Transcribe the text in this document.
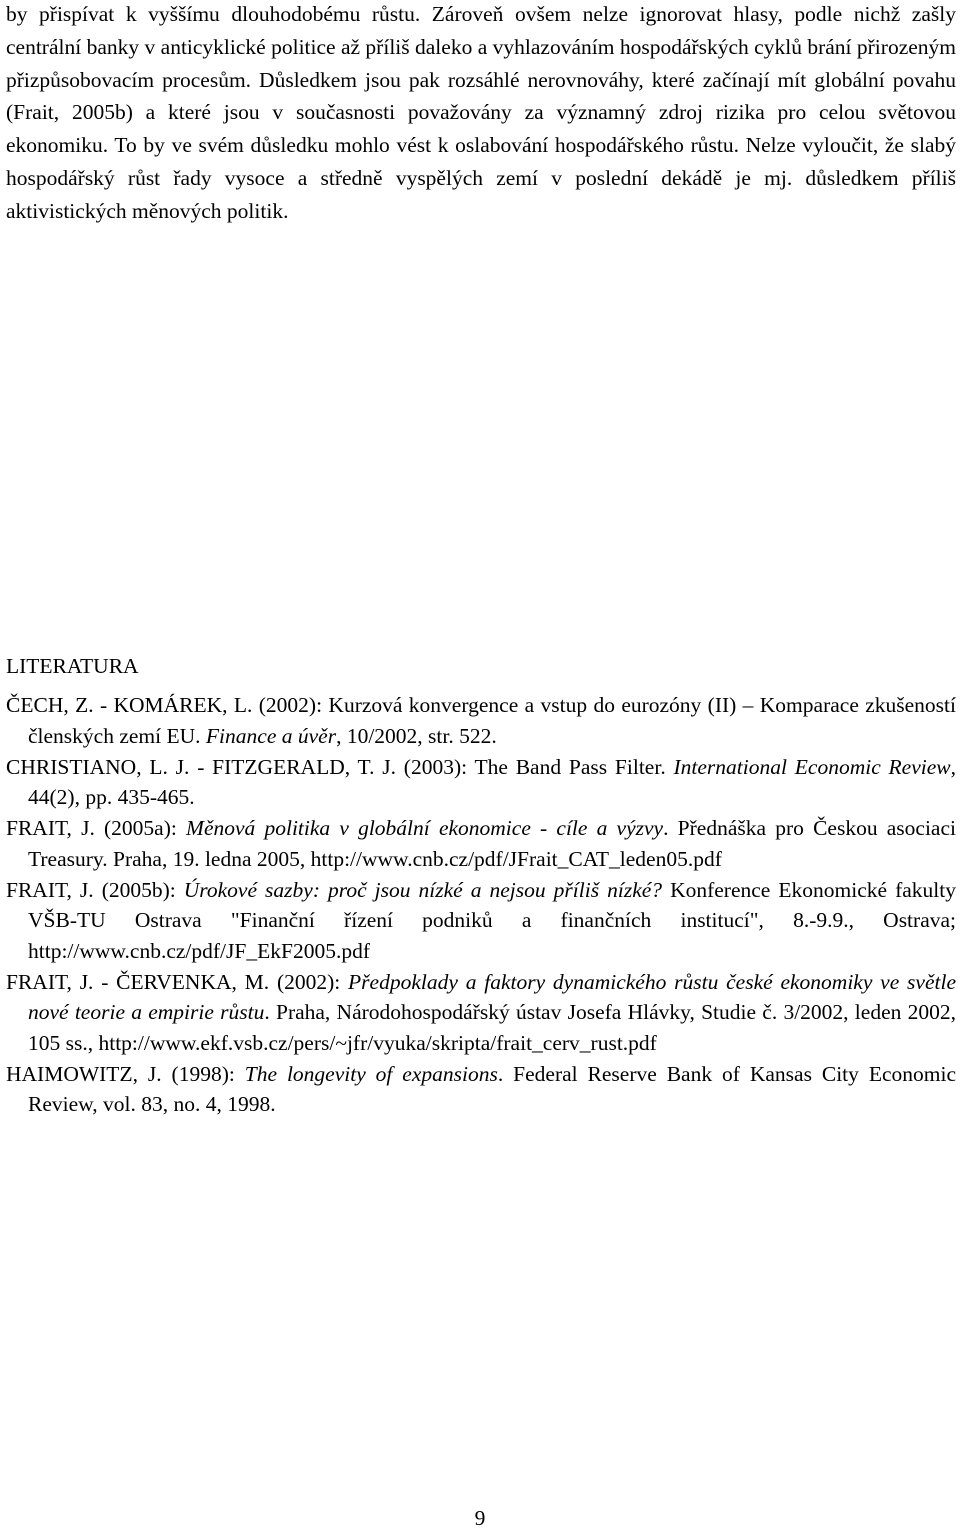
by přispívat k vyššímu dlouhodobému růstu. Zároveň ovšem nelze ignorovat hlasy, podle nichž zašly centrální banky v anticyklické politice až příliš daleko a vyhlazováním hospodářských cyklů brání přirozeným přizpůsobovacím procesům. Důsledkem jsou pak rozsáhlé nerovnováhy, které začínají mít globální povahu (Frait, 2005b) a které jsou v současnosti považovány za významný zdroj rizika pro celou světovou ekonomiku. To by ve svém důsledku mohlo vést k oslabování hospodářského růstu. Nelze vyloučit, že slabý hospodářský růst řady vysoce a středně vyspělých zemí v poslední dekádě je mj. důsledkem příliš aktivistických měnových politik.

LITERATURA
ČECH, Z. - KOMÁREK, L. (2002): Kurzová konvergence a vstup do eurozóny (II) – Komparace zkušeností členských zemí EU. Finance a úvěr, 10/2002, str. 522.
CHRISTIANO, L. J. - FITZGERALD, T. J. (2003): The Band Pass Filter. International Economic Review, 44(2), pp. 435-465.
FRAIT, J. (2005a): Měnová politika v globální ekonomice - cíle a výzvy. Přednáška pro Českou asociaci Treasury. Praha, 19. ledna 2005, http://www.cnb.cz/pdf/JFrait_CAT_leden05.pdf
FRAIT, J. (2005b): Úrokové sazby: proč jsou nízké a nejsou příliš nízké? Konference Ekonomické fakulty VŠB-TU Ostrava "Finanční řízení podniků a finančních institucí", 8.-9.9., Ostrava; http://www.cnb.cz/pdf/JF_EkF2005.pdf
FRAIT, J. - ČERVENKA, M. (2002): Předpoklady a faktory dynamického růstu české ekonomiky ve světle nové teorie a empirie růstu. Praha, Národohospodářský ústav Josefa Hlávky, Studie č. 3/2002, leden 2002, 105 ss., http://www.ekf.vsb.cz/pers/~jfr/vyuka/skripta/frait_cerv_rust.pdf
HAIMOWITZ, J. (1998): The longevity of expansions. Federal Reserve Bank of Kansas City Economic Review, vol. 83, no. 4, 1998.
9
